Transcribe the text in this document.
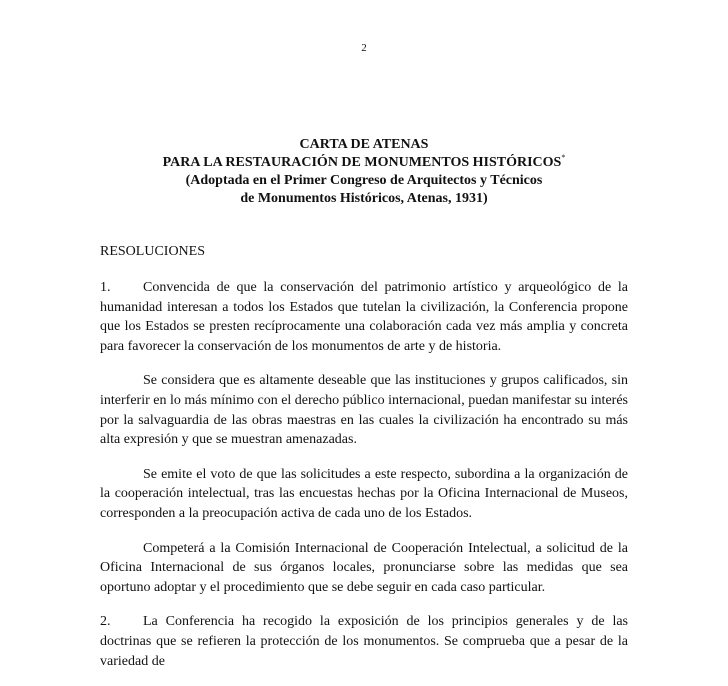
2
CARTA DE ATENAS
PARA LA RESTAURACIÓN DE MONUMENTOS HISTÓRICOS*
(Adoptada en el Primer Congreso de Arquitectos y Técnicos
de Monumentos Históricos, Atenas, 1931)
RESOLUCIONES

1. Convencida de que la conservación del patrimonio artístico y arqueológico de la humanidad interesan a todos los Estados que tutelan la civilización, la Conferencia propone que los Estados se presten recíprocamente una colaboración cada vez más amplia y concreta para favorecer la conservación de los monumentos de arte y de historia.

Se considera que es altamente deseable que las instituciones y grupos calificados, sin interferir en lo más mínimo con el derecho público internacional, puedan manifestar su interés por la salvaguardia de las obras maestras en las cuales la civilización ha encontrado su más alta expresión y que se muestran amenazadas.

Se emite el voto de que las solicitudes a este respecto, subordina a la organización de la cooperación intelectual, tras las encuestas hechas por la Oficina Internacional de Museos, corresponden a la preocupación activa de cada uno de los Estados.

Competerá a la Comisión Internacional de Cooperación Intelectual, a solicitud de la Oficina Internacional de sus órganos locales, pronunciarse sobre las medidas que sea oportuno adoptar y el procedimiento que se debe seguir en cada caso particular.

2. La Conferencia ha recogido la exposición de los principios generales y de las doctrinas que se refieren la protección de los monumentos. Se comprueba que a pesar de la variedad de
